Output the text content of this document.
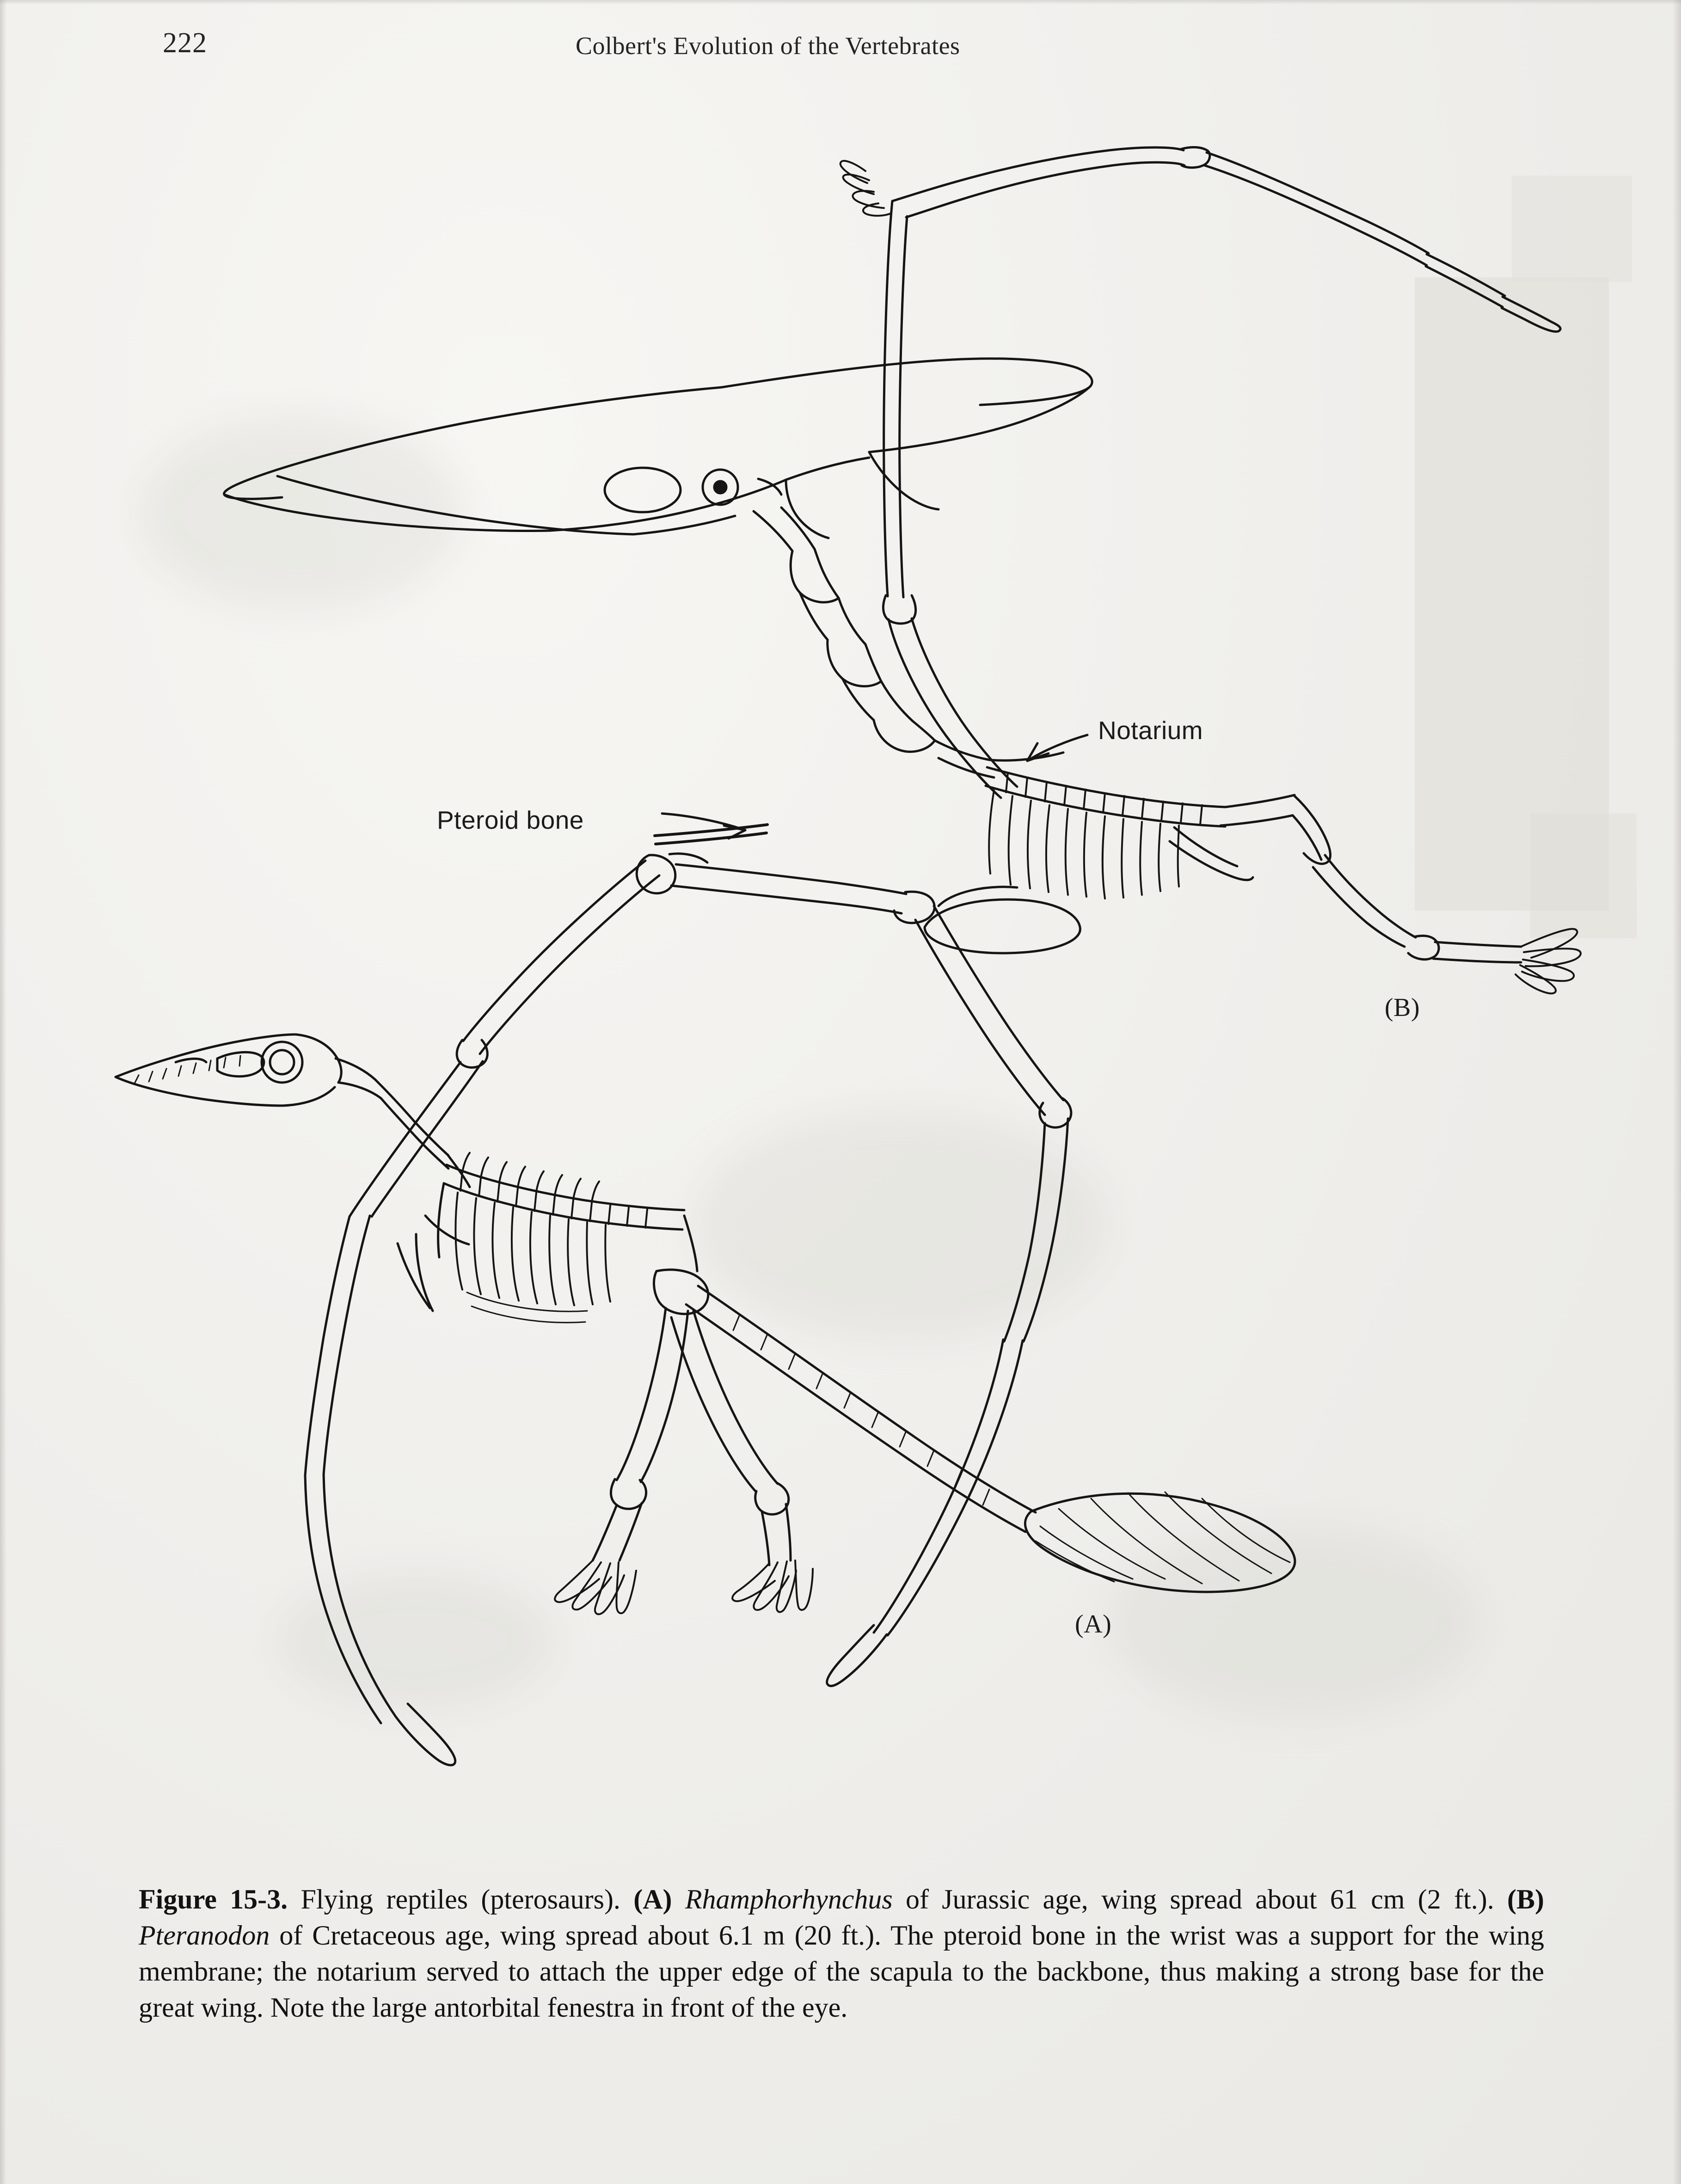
222	Colbert's Evolution of the Vertebrates
Notarium
Pteroid bone
(B)
(A)
Figure 15-3. Flying reptiles (pterosaurs). (A) Rhamphorhynchus of Jurassic age, wing spread about 61 cm (2 ft.). (B) Pteranodon of Cretaceous age, wing spread about 6.1 m (20 ft.). The pteroid bone in the wrist was a support for the wing membrane; the notarium served to attach the upper edge of the scapula to the backbone, thus making a strong base for the great wing. Note the large antorbital fenestra in front of the eye.
